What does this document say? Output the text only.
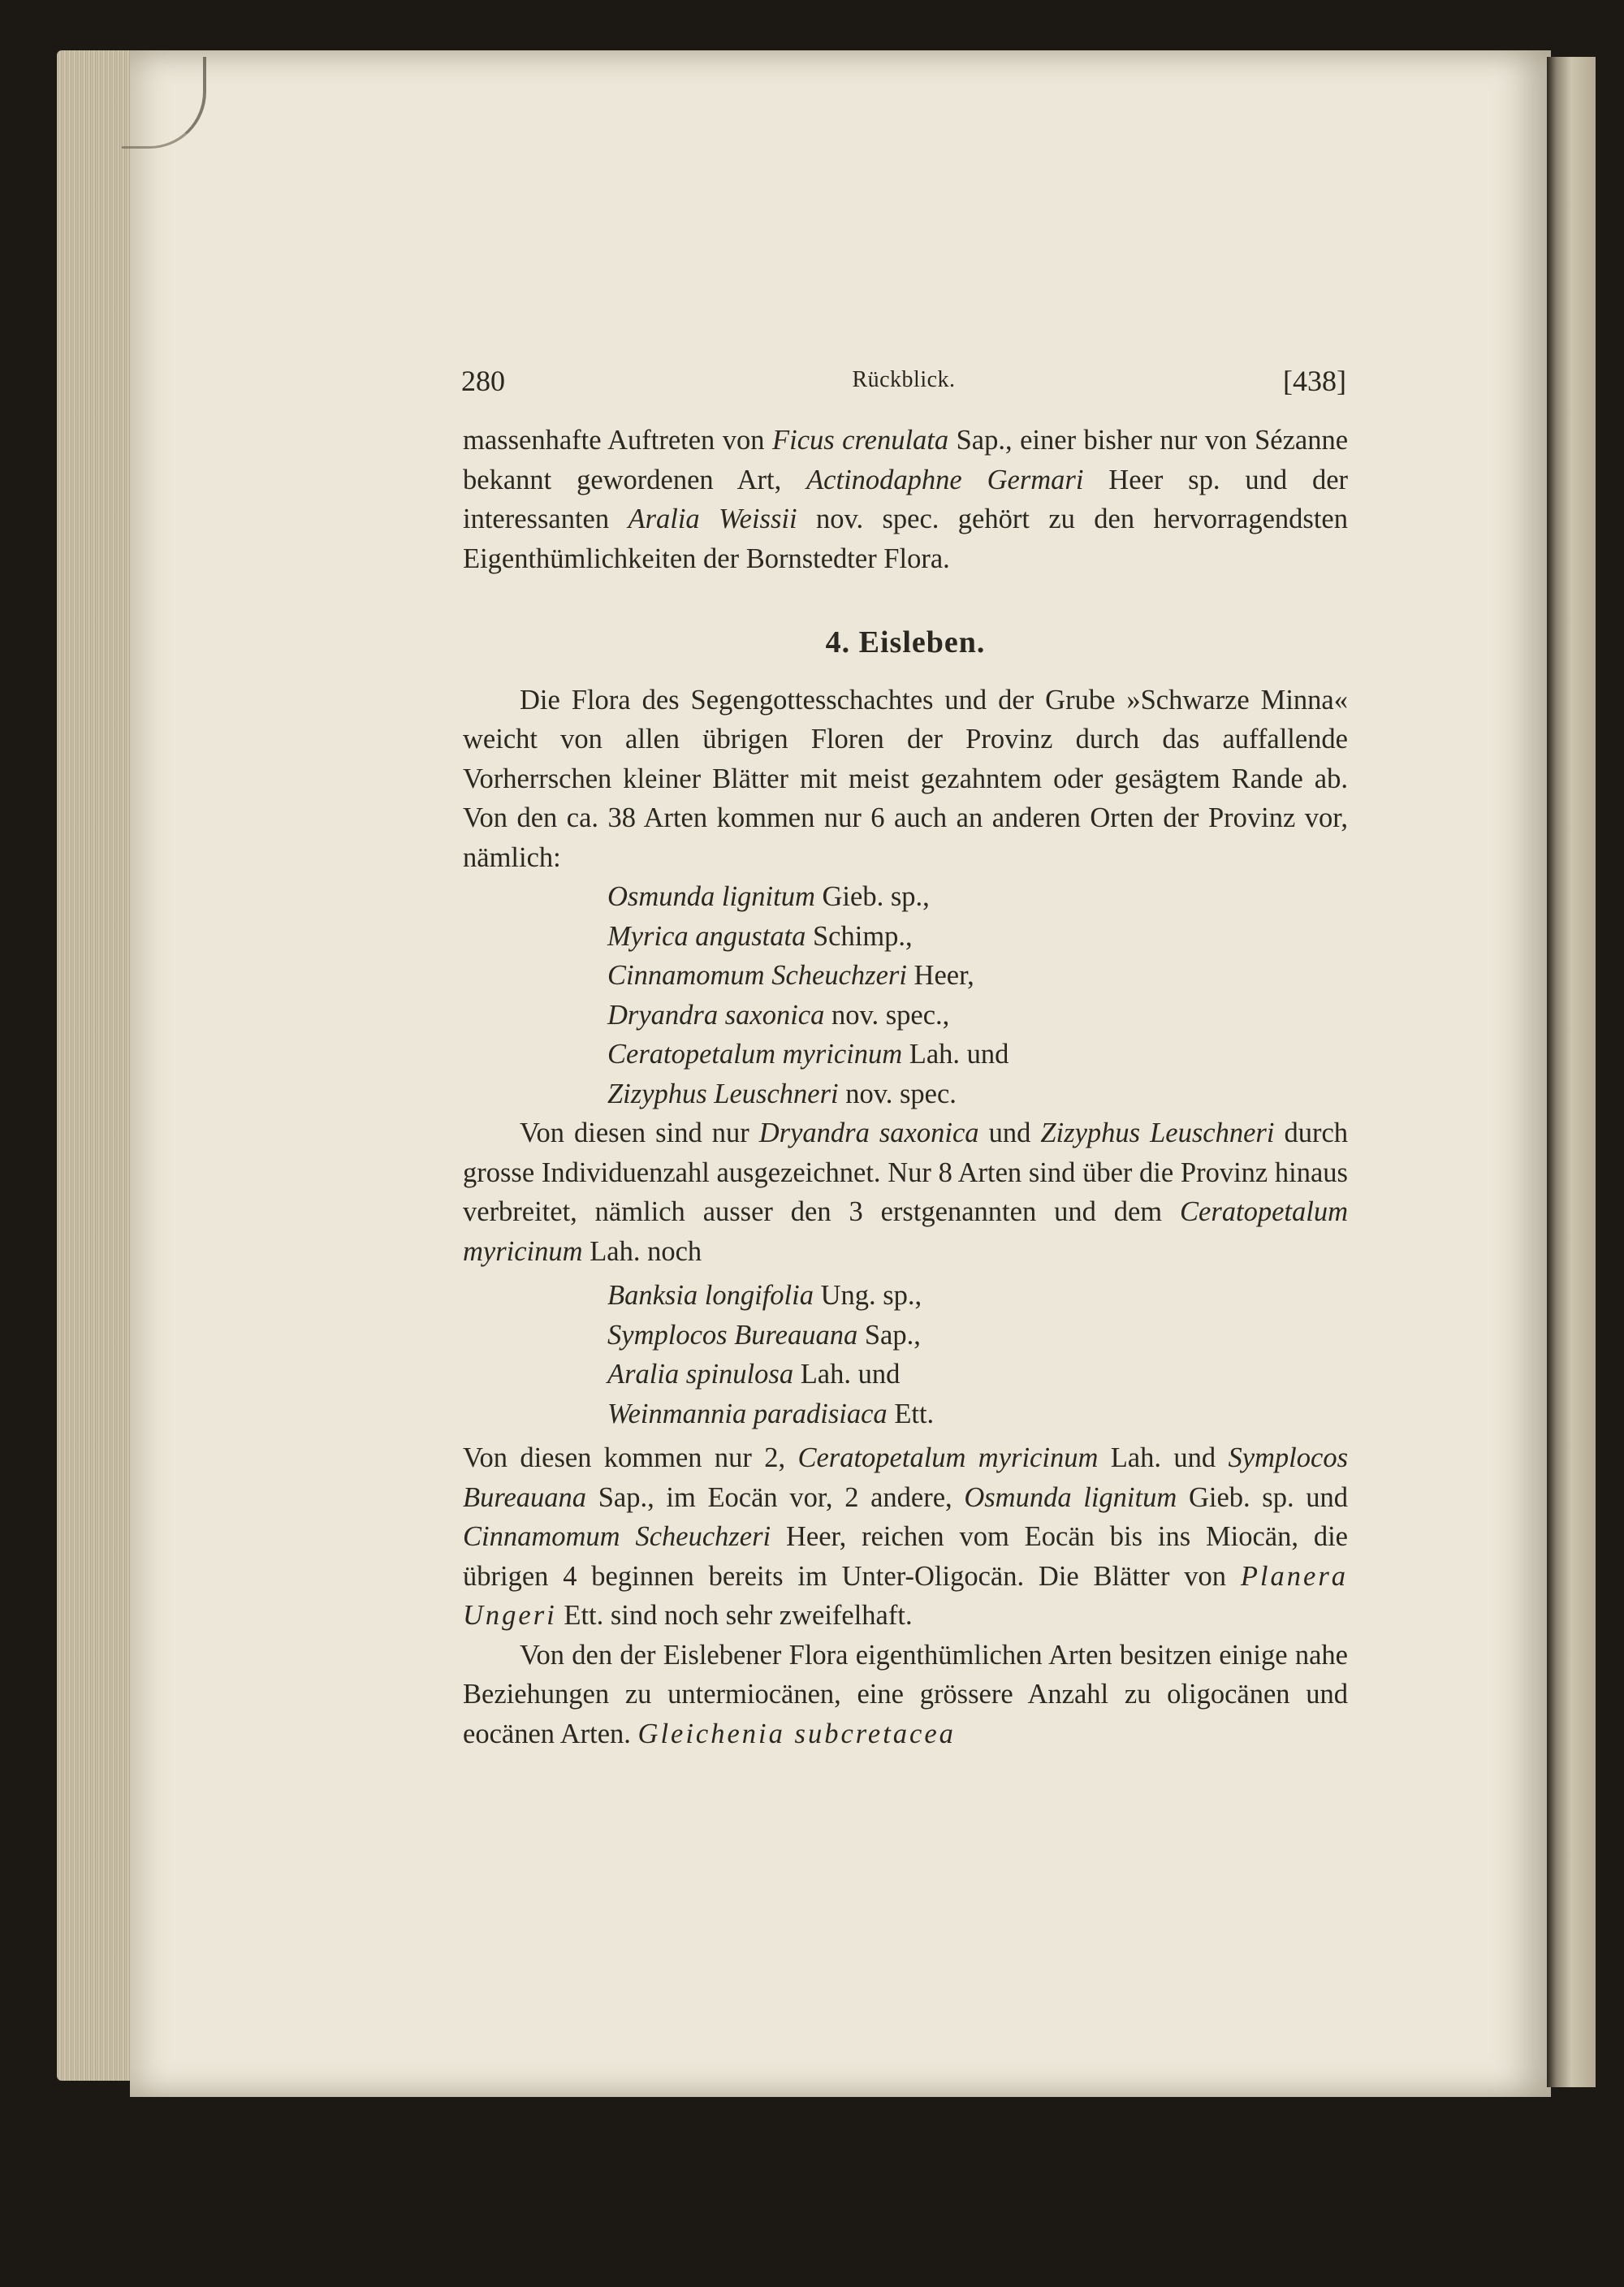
280	Rückblick.	[438]

massenhafte Auftreten von Ficus crenulata Sap., einer bisher nur von Sézanne bekannt gewordenen Art, Actinodaphne Germari Heer sp. und der interessanten Aralia Weissii nov. spec. gehört zu den hervorragendsten Eigenthümlichkeiten der Bornstedter Flora.

4. Eisleben.

Die Flora des Segengottesschachtes und der Grube »Schwarze Minna« weicht von allen übrigen Floren der Provinz durch das auffallende Vorherrschen kleiner Blätter mit meist gezahntem oder gesägtem Rande ab. Von den ca. 38 Arten kommen nur 6 auch an anderen Orten der Provinz vor, nämlich:

Osmunda lignitum Gieb. sp.,
Myrica angustata Schimp.,
Cinnamomum Scheuchzeri Heer,
Dryandra saxonica nov. spec.,
Ceratopetalum myricinum Lah. und
Zizyphus Leuschneri nov. spec.

Von diesen sind nur Dryandra saxonica und Zizyphus Leuschneri durch grosse Individuenzahl ausgezeichnet. Nur 8 Arten sind über die Provinz hinaus verbreitet, nämlich ausser den 3 erstgenannten und dem Ceratopetalum myricinum Lah. noch

Banksia longifolia Ung. sp.,
Symplocos Bureauana Sap.,
Aralia spinulosa Lah. und
Weinmannia paradisiaca Ett.

Von diesen kommen nur 2, Ceratopetalum myricinum Lah. und Symplocos Bureauana Sap., im Eocän vor, 2 andere, Osmunda lignitum Gieb. sp. und Cinnamomum Scheuchzeri Heer, reichen vom Eocän bis ins Miocän, die übrigen 4 beginnen bereits im Unter-Oligocän. Die Blätter von Planera Ungeri Ett. sind noch sehr zweifelhaft.

Von den der Eislebener Flora eigenthümlichen Arten besitzen einige nahe Beziehungen zu untermiocänen, eine grössere Anzahl zu oligocänen und eocänen Arten. Gleichenia subcretacea
